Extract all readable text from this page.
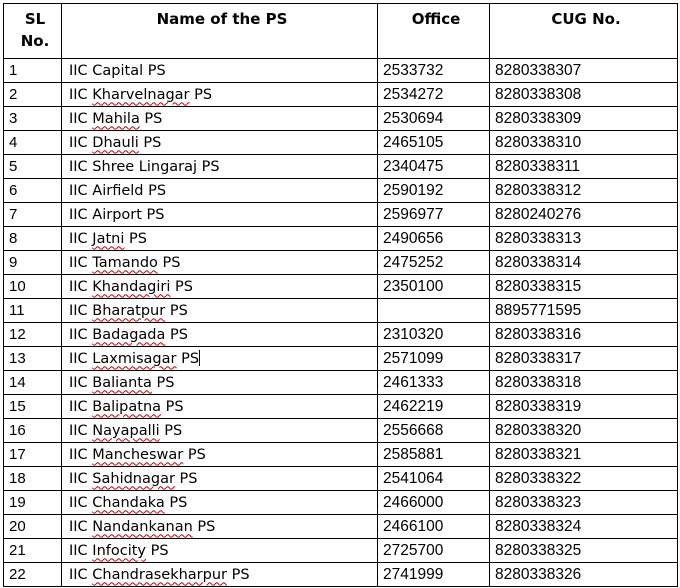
SL No.	Name of the PS	Office	CUG No.
1	IIC Capital PS	2533732	8280338307
2	IIC Kharvelnagar PS	2534272	8280338308
3	IIC Mahila PS	2530694	8280338309
4	IIC Dhauli PS	2465105	8280338310
5	IIC Shree Lingaraj PS	2340475	8280338311
6	IIC Airfield PS	2590192	8280338312
7	IIC Airport PS	2596977	8280240276
8	IIC Jatni PS	2490656	8280338313
9	IIC Tamando PS	2475252	8280338314
10	IIC Khandagiri PS	2350100	8280338315
11	IIC Bharatpur PS		8895771595
12	IIC Badagada PS	2310320	8280338316
13	IIC Laxmisagar PS	2571099	8280338317
14	IIC Balianta PS	2461333	8280338318
15	IIC Balipatna PS	2462219	8280338319
16	IIC Nayapalli PS	2556668	8280338320
17	IIC Mancheswar PS	2585881	8280338321
18	IIC Sahidnagar PS	2541064	8280338322
19	IIC Chandaka PS	2466000	8280338323
20	IIC Nandankanan PS	2466100	8280338324
21	IIC Infocity PS	2725700	8280338325
22	IIC Chandrasekharpur PS	2741999	8280338326
